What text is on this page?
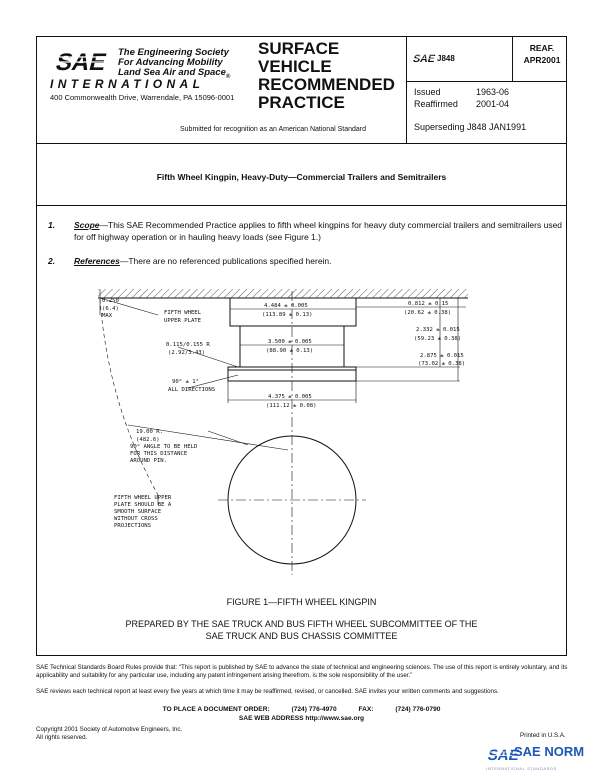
SAE The Engineering Society
For Advancing Mobility
Land Sea Air and Space$_®$
INTERNATIONAL
400 Commonwealth Drive, Warrendale, PA 15096-0001
SURFACE
VEHICLE
RECOMMENDED
PRACTICE
Submitted for recognition as an American National Standard
SAE J848
REAF.
APR2001
Issued	1963-06
Reaffirmed 2001-04
Superseding J848 JAN1991
Fifth Wheel Kingpin, Heavy-Duty—Commercial Trailers and Semitrailers
1. Scope—This SAE Recommended Practice applies to fifth wheel kingpins for heavy duty commercial trailers and semitrailers used for off highway operation or in hauling heavy loads (see Figure 1.)
2. References—There are no referenced publications specified herein.
0.250
(6.4)
MAX
4.484 ± 0.005
(113.89 ± 0.13)
FIFTH WHEEL
UPPER PLATE
0.812 ± 0.15
(20.62 ± 0.38)
0.115/0.155 R
(2.92/3.43)
3.500 ± 0.005
(88.90 ± 0.13)
2.332 ± 0.015
(59.23 ± 0.38)
2.875 ± 0.015
(73.02 ± 0.38)
90° ± 1°
ALL DIRECTIONS
4.375 ± 0.005
(111.12 ± 0.08)
19.00 R.
(482.6)
90° ANGLE TO BE HELD
FOR THIS DISTANCE
AROUND PIN.
FIFTH WHEEL UPPER
PLATE SHOULD BE A
SMOOTH SURFACE
WITHOUT CROSS
PROJECTIONS
FIGURE 1—FIFTH WHEEL KINGPIN
PREPARED BY THE SAE TRUCK AND BUS FIFTH WHEEL SUBCOMMITTEE OF THE
SAE TRUCK AND BUS CHASSIS COMMITTEE
SAE Technical Standards Board Rules provide that: “This report is published by SAE to advance the state of technical and engineering sciences. The use of this report is entirely voluntary, and its applicability and suitability for any particular use, including any patent infringement arising therefrom, is the sole responsibility of the user.”
SAE reviews each technical report at least every five years at which time it may be reaffirmed, revised, or cancelled. SAE invites your written comments and suggestions.
TO PLACE A DOCUMENT ORDER:	(724) 776-4970	FAX:	(724) 776-0790
SAE WEB ADDRESS http://www.sae.org
Copyright 2001 Society of Automotive Engineers, Inc.
All rights reserved.	Printed in U.S.A.
SAE
SAE NORM
INTERNATIONAL STANDARDS
